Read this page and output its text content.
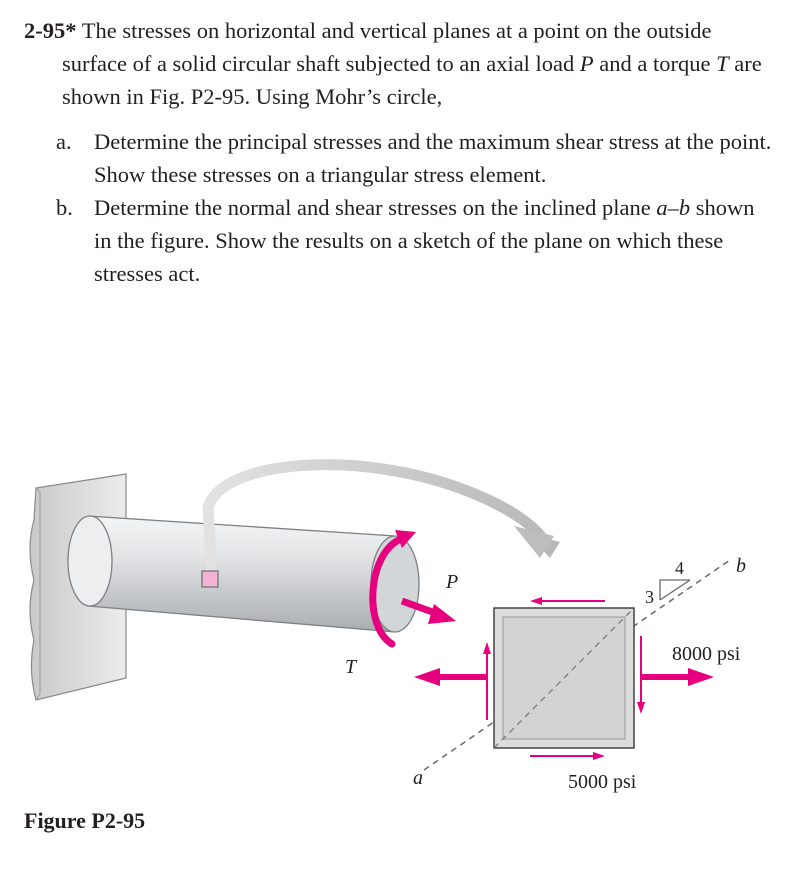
2-95* The stresses on horizontal and vertical planes at a point on the outside surface of a solid circular shaft subjected to an axial load P and a torque T are shown in Fig. P2-95. Using Mohr’s circle,

a. Determine the principal stresses and the maximum shear stress at the point. Show these stresses on a triangular stress element.
b. Determine the normal and shear stresses on the inclined plane a–b shown in the figure. Show the results on a sketch of the plane on which these stresses act.
P
T
3
4	b
a
8000 psi
5000 psi
Figure P2-95
